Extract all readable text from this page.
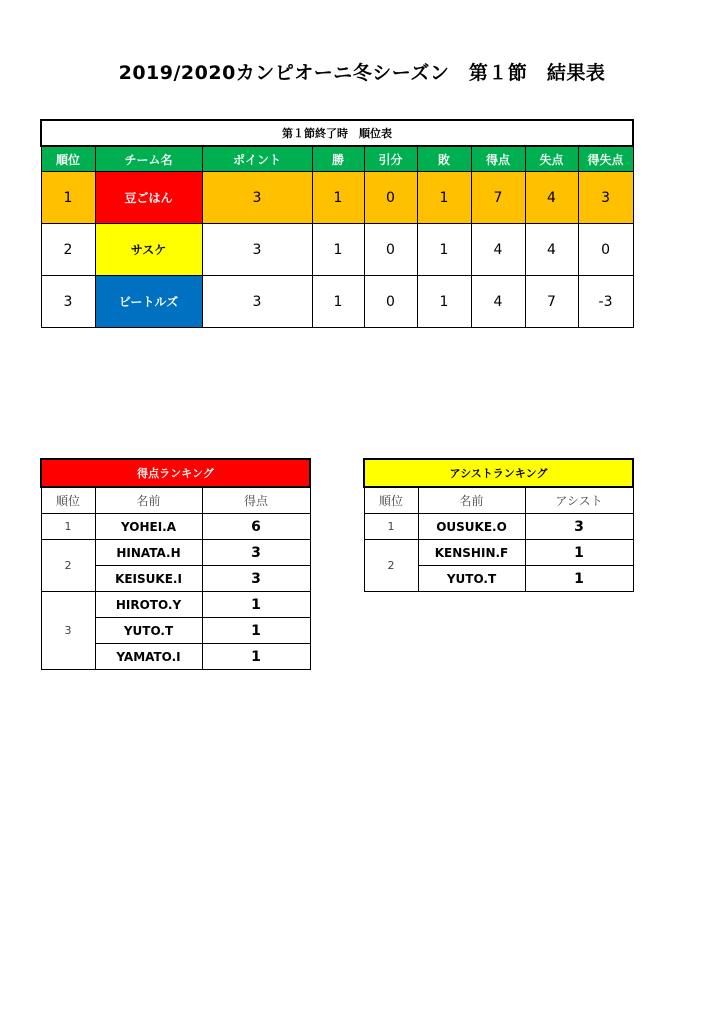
2019/2020カンピオーニ冬シーズン　第１節　結果表
第１節終了時　順位表								
順位	チーム名	ポイント	勝	引分	敗	得点	失点	得失点
1	豆ごはん	3	1	0	1	7	4	3
2	サスケ	3	1	0	1	4	4	0
3	ビートルズ	3	1	0	1	4	7	-3
得点ランキング		
順位	名前	得点
1	YOHEI.A	6
2	HINATA.H	3
	KEISUKE.I	3
3	HIROTO.Y	1
	YUTO.T	1
	YAMATO.I	1
アシストランキング		
順位	名前	アシスト
1	OUSUKE.O	3
2	KENSHIN.F	1
	YUTO.T	1
